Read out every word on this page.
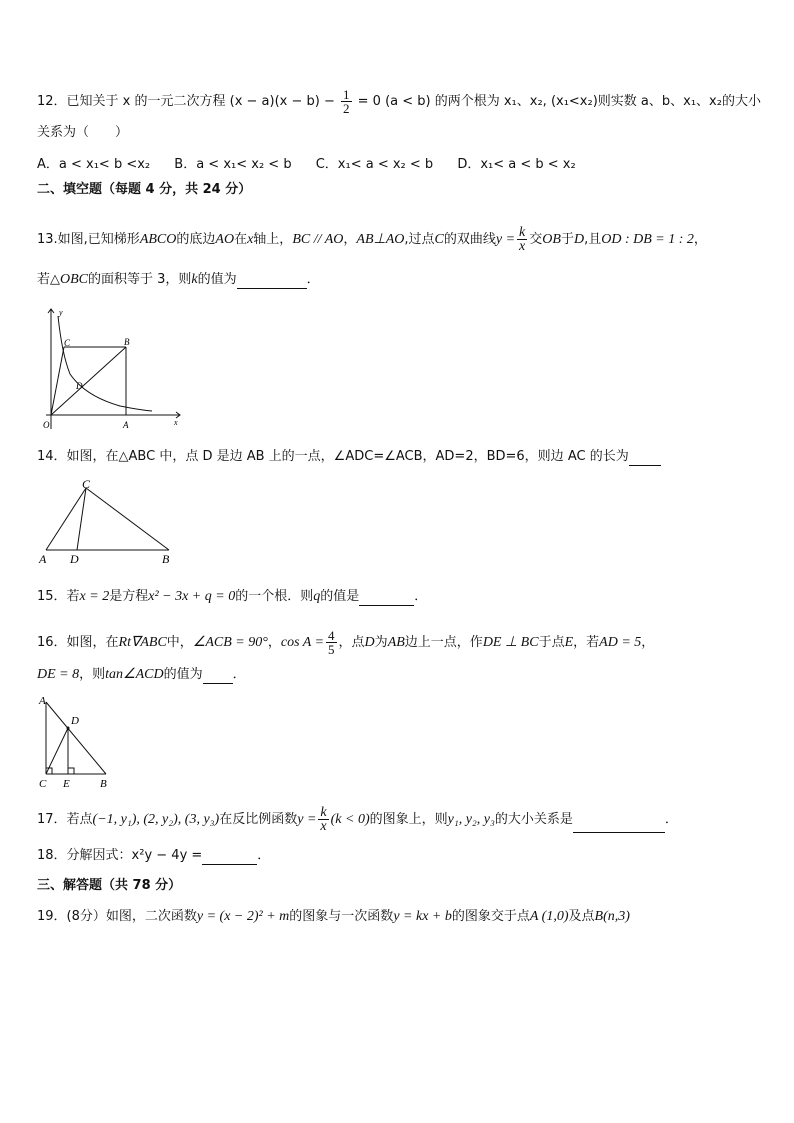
12．已知关于 x 的一元二次方程 $(x - a)(x - b) - \frac{1}{2} = 0$ (a < b) 的两个根为 x₁、x₂, (x₁<x₂)则实数 a、b、x₁、x₂的大小
关系为（　　）
A．a < x₁< b <x₂ B．a < x₁< x₂ < b C．x₁< a < x₂ < b D．x₁< a < b < x₂
二、填空题（每题 4 分，共 24 分）
13.如图,已知梯形ABCO的底边AO在x轴上，BC // AO，AB⊥AO,过点C的双曲线$y = \frac{k}{x}$ 交OB于D,且OD : DB = 1 : 2，
若△OBC的面积等于 3，则k的值为	．
y
x
O	A
B
C
D
14．如图，在△ABC 中，点 D 是边 AB 上的一点，∠ADC=∠ACB，AD=2，BD=6，则边 AC 的长为
A D	B
C
15．若x = 2是方程x² − 3x + q = 0的一个根．则q的值是	．
16．如图，在Rt∇ABC中，∠ACB = 90°，$\cos A = \frac{4}{5}$ ，点D为AB边上一点，作DE ⊥ BC于点E，若AD = 5，
DE = 8，则tan∠ACD的值为 ．
A
D
C E	B
17．若点(−1, y₁), (2, y₂), (3, y₃)在反比例函数$y = \frac{k}{x} (k < 0)$的图象上，则y₁, y₂, y₃的大小关系是	．
18．分解因式：x²y − 4y =	．
三、解答题（共 78 分）
19．(8分）如图，二次函数y = (x − 2)² + m的图象与一次函数y = kx + b的图象交于点A (1,0)及点B(n,3)
